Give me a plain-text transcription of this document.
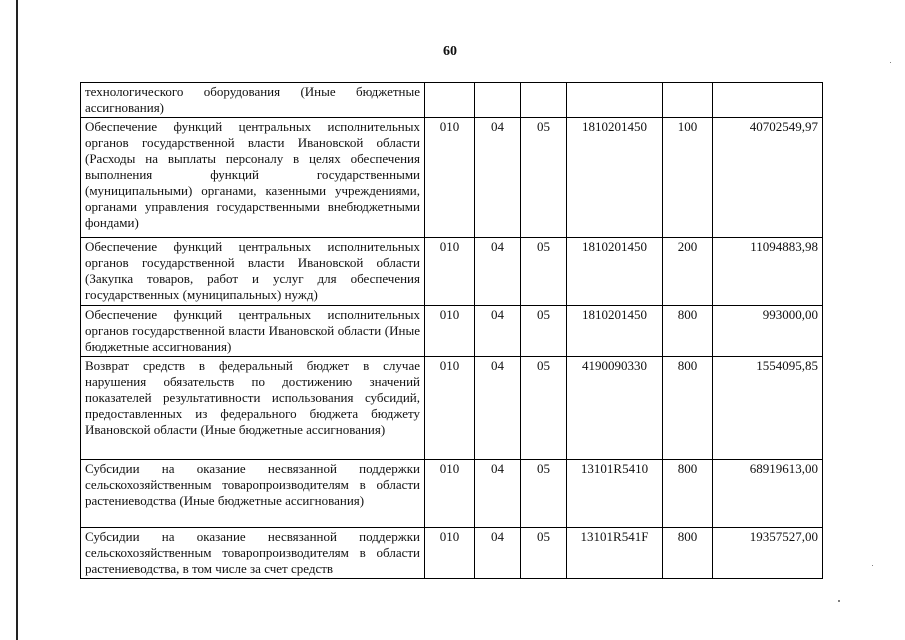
60
технологического оборудования (Иные бюджетные ассигнования)						
Обеспечение функций центральных исполнительных органов государственной власти Ивановской области (Расходы на выплаты персоналу в целях обеспечения выполнения функций государственными (муниципальными) органами, казенными учреждениями, органами управления государственными внебюджетными фондами)	010	04	05	1810201450	100	40702549,97
Обеспечение функций центральных исполнительных органов государственной власти Ивановской области (Закупка товаров, работ и услуг для обеспечения государственных (муниципальных) нужд)	010	04	05	1810201450	200	11094883,98
Обеспечение функций центральных исполнительных органов государственной власти Ивановской области (Иные бюджетные ассигнования)	010	04	05	1810201450	800	993000,00
Возврат средств в федеральный бюджет в случае нарушения обязательств по достижению значений показателей результативности использования субсидий, предоставленных из федерального бюджета бюджету Ивановской области (Иные бюджетные ассигнования)	010	04	05	4190090330	800	1554095,85
Субсидии на оказание несвязанной поддержки сельскохозяйственным товаропроизводителям в области растениеводства (Иные бюджетные ассигнования)	010	04	05	13101R5410	800	68919613,00
Субсидии на оказание несвязанной поддержки сельскохозяйственным товаропроизводителям в области растениеводства, в том числе за счет средств	010	04	05	13101R541F	800	19357527,00
